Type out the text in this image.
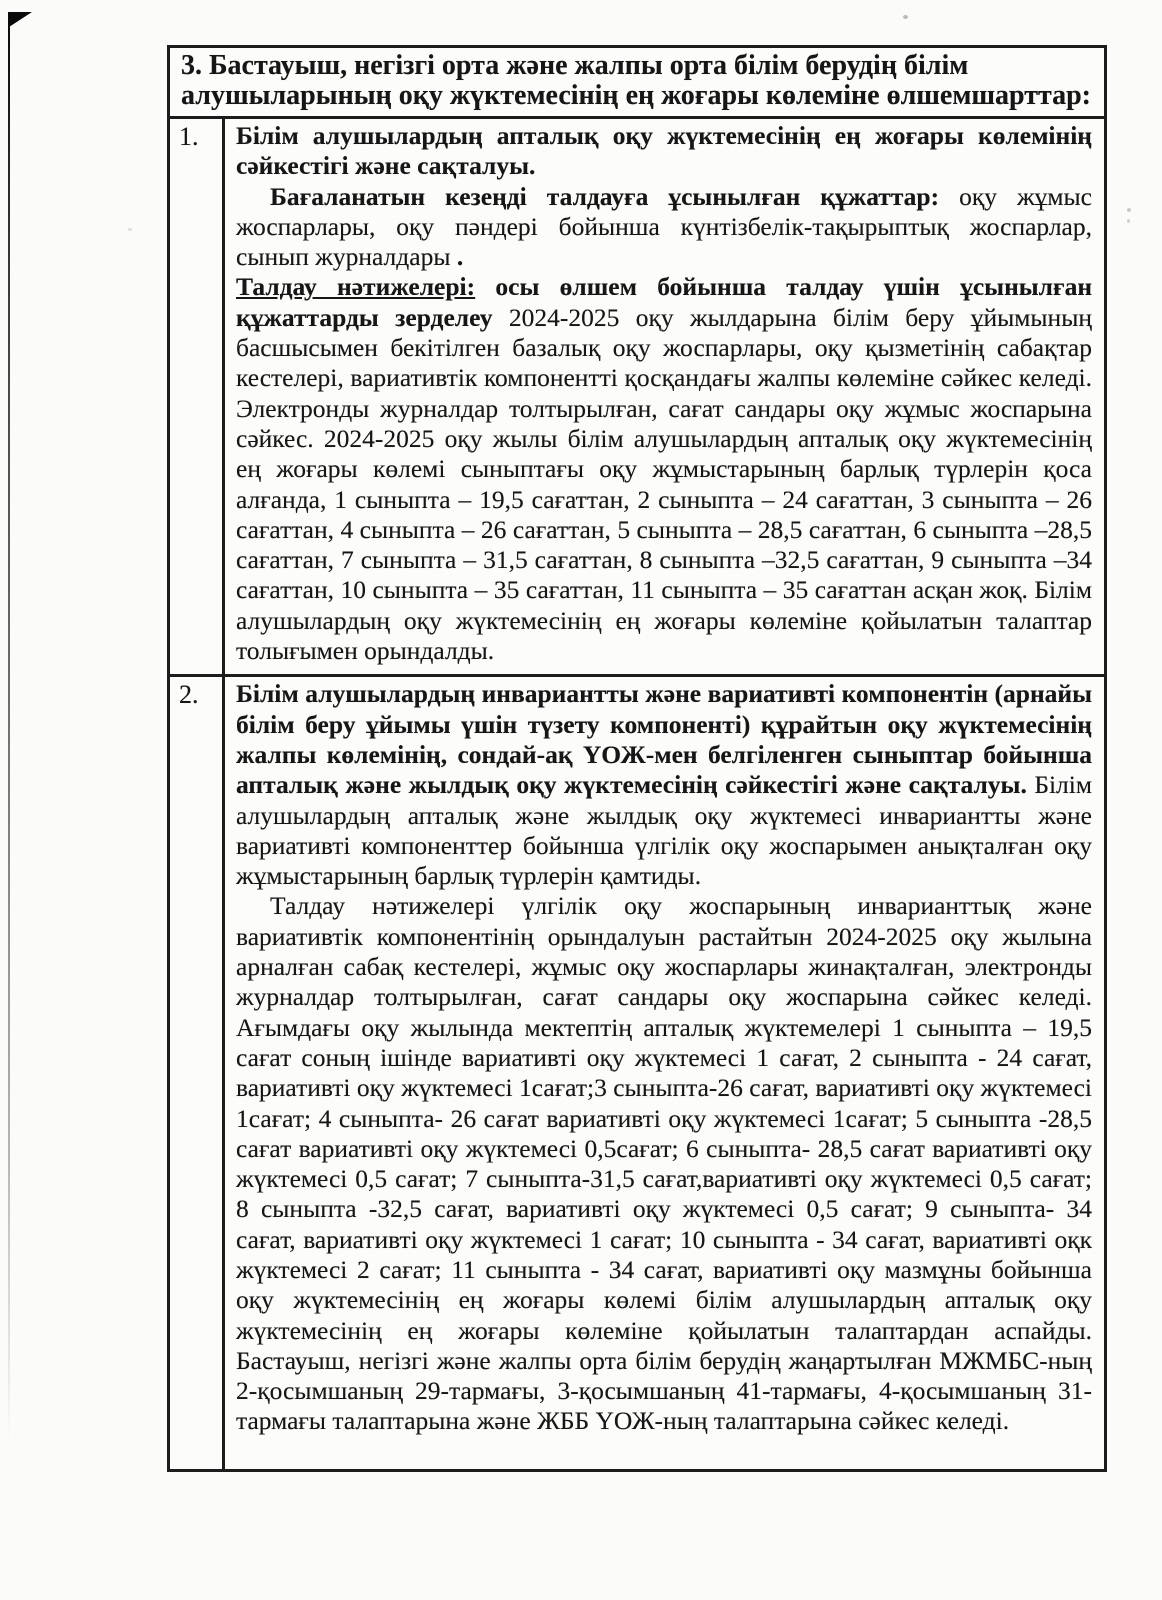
3. Бастауыш, негізгі орта және жалпы орта білім берудің білім
алушыларының оқу жүктемесінің ең жоғары көлеміне өлшемшарттар:
1.	Білім алушылардың апталық оқу жүктемесінің ең жоғары көлемінің сәйкестігі және сақталуы.

Бағаланатын кезеңді талдауға ұсынылған құжаттар: оқу жұмыс жоспарлары, оқу пәндері бойынша күнтізбелік-тақырыптық жоспарлар, сынып журналдары .

Талдау нәтижелері: осы өлшем бойынша талдау үшін ұсынылған құжаттарды зерделеу 2024-2025 оқу жылдарына білім беру ұйымының басшысымен бекітілген базалық оқу жоспарлары, оқу қызметінің сабақтар кестелері, вариативтік компонентті қосқандағы жалпы көлеміне сәйкес келеді. Электронды журналдар толтырылған, сағат сандары оқу жұмыс жоспарына сәйкес. 2024-2025 оқу жылы білім алушылардың апталық оқу жүктемесінің ең жоғары көлемі сыныптағы оқу жұмыстарының барлық түрлерін қоса алғанда, 1 сыныпта – 19,5 сағаттан, 2 сыныпта – 24 сағаттан, 3 сыныпта – 26 сағаттан, 4 сыныпта – 26 сағаттан, 5 сыныпта – 28,5 сағаттан, 6 сыныпта –28,5 сағаттан, 7 сыныпта – 31,5 сағаттан, 8 сыныпта –32,5 сағаттан, 9 сыныпта –34 сағаттан, 10 сыныпта – 35 сағаттан, 11 сыныпта – 35 сағаттан асқан жоқ. Білім алушылардың оқу жүктемесінің ең жоғары көлеміне қойылатын талаптар толығымен орындалды.

2.	Білім алушылардың инвариантты және вариативті компонентін (арнайы білім беру ұйымы үшін түзету компоненті) құрайтын оқу жүктемесінің жалпы көлемінің, сондай-ақ ҮОЖ-мен белгіленген сыныптар бойынша апталық және жылдық оқу жүктемесінің сәйкестігі және сақталуы. Білім алушылардың апталық және жылдық оқу жүктемесі инвариантты және вариативті компоненттер бойынша үлгілік оқу жоспарымен анықталған оқу жұмыстарының барлық түрлерін қамтиды.

Талдау нәтижелері үлгілік оқу жоспарының инварианттық және вариативтік компонентінің орындалуын растайтын 2024-2025 оқу жылына арналған сабақ кестелері, жұмыс оқу жоспарлары жинақталған, электронды журналдар толтырылған, сағат сандары оқу жоспарына сәйкес келеді. Ағымдағы оқу жылында мектептің апталық жүктемелері 1 сыныпта – 19,5 сағат соның ішінде вариативті оқу жүктемесі 1 сағат, 2 сыныпта - 24 сағат, вариативті оқу жүктемесі 1сағат;3 сыныпта-26 сағат, вариативті оқу жүктемесі 1сағат; 4 сыныпта- 26 сағат вариативті оқу жүктемесі 1сағат; 5 сыныпта -28,5 сағат вариативті оқу жүктемесі 0,5сағат; 6 сыныпта- 28,5 сағат вариативті оқу жүктемесі 0,5 сағат; 7 сыныпта-31,5 сағат,вариативті оқу жүктемесі 0,5 сағат; 8 сыныпта -32,5 сағат, вариативті оқу жүктемесі 0,5 сағат; 9 сыныпта- 34 сағат, вариативті оқу жүктемесі 1 сағат; 10 сыныпта - 34 сағат, вариативті оқк жүктемесі 2 сағат; 11 сыныпта - 34 сағат, вариативті оқу мазмұны бойынша оқу жүктемесінің ең жоғары көлемі білім алушылардың апталық оқу жүктемесінің ең жоғары көлеміне қойылатын талаптардан аспайды. Бастауыш, негізгі және жалпы орта білім берудің жаңартылған МЖМБС-ның 2-қосымшаның 29-тармағы, 3-қосымшаның 41-тармағы, 4-қосымшаның 31-тармағы талаптарына және ЖББ ҮОЖ-ның талаптарына сәйкес келеді.
